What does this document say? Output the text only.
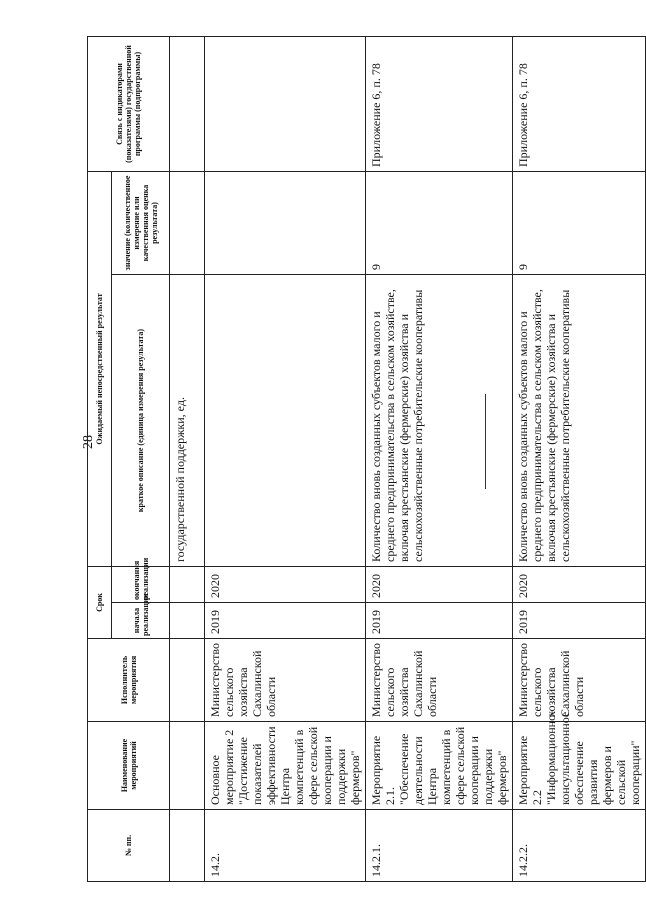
28
№ пп.	Наименование мероприятий	Исполнитель мероприятия	Срок		Ожидаемый непосредственный результат		Связь с индикаторами (показателями) государственной программы (подпрограммы)
			начала реализации	окончания реализации	краткое описание (единица измерения результата)	значение (количественное измерение или качественная оценка результата)	
					государственной поддержки, ед.		
14.2.	Основное мероприятие 2 "Достижение показателей эффективности Центра компетенций в сфере сельской кооперации и поддержки фермеров"	Министерство сельского хозяйства Сахалинской области	2019	2020			
14.2.1.	Мероприятие 2.1. "Обеспечение деятельности Центра компетенций в сфере сельской кооперации и поддержки фермеров"	Министерство сельского хозяйства Сахалинской области	2019	2020	Количество вновь созданных субъектов малого и среднего предпринимательства в сельском хозяйстве, включая крестьянские (фермерские) хозяйства и сельскохозяйственные потребительские кооперативы	9	Приложение 6, п. 78
14.2.2.	Мероприятие 2.2 "Информационно-консультационное обеспечение развития фермеров и сельской кооперации"	Министерство сельского хозяйства Сахалинской области	2019	2020	Количество вновь созданных субъектов малого и среднего предпринимательства в сельском хозяйстве, включая крестьянские (фермерские) хозяйства и сельскохозяйственные потребительские кооперативы	9	Приложение 6, п. 78
